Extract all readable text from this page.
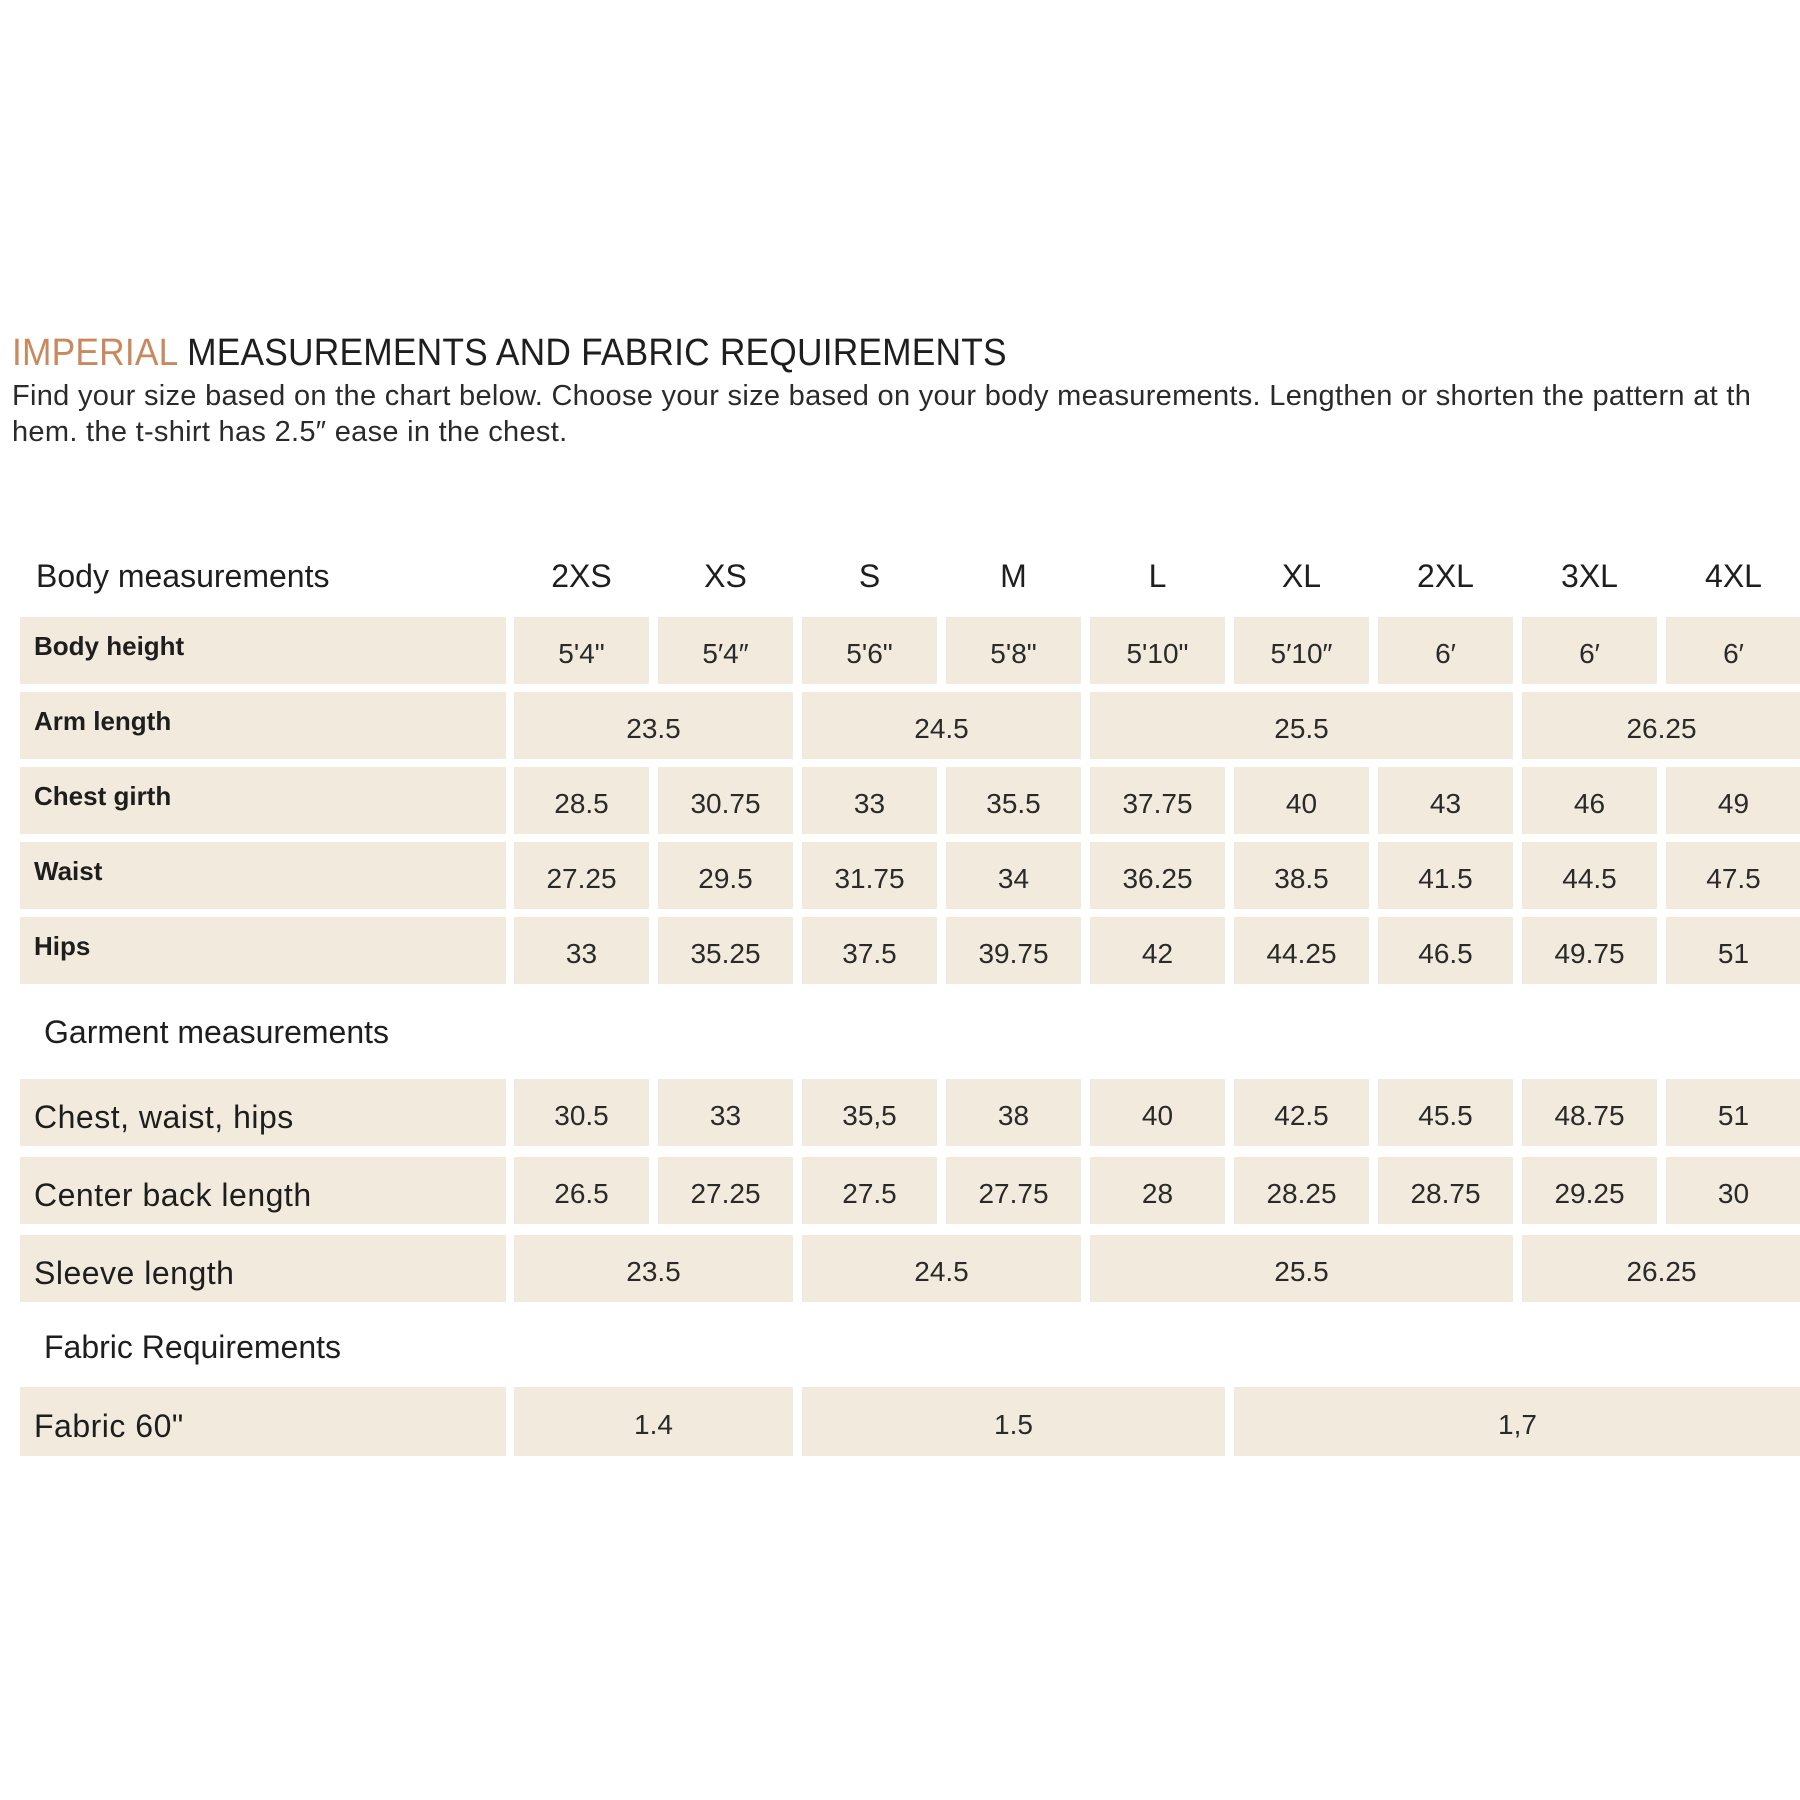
IMPERIAL MEASUREMENTS AND FABRIC REQUIREMENTS
Find your size based on the chart below. Choose your size based on your body measurements. Lengthen or shorten the pattern at th
hem. the t-shirt has 2.5″ ease in the chest.
Body measurements	2XS	XS	S	M	L	XL	2XL	3XL	4XL
Body height	5'4"	5′4″	5'6"	5'8"	5'10"	5′10″	6′	6′	6′
Arm length	23.5	24.5	25.5	26.25
Chest girth	28.5	30.75	33	35.5	37.75	40	43	46	49
Waist	27.25	29.5	31.75	34	36.25	38.5	41.5	44.5	47.5
Hips	33	35.25	37.5	39.75	42	44.25	46.5	49.75	51
Garment measurements
Chest, waist, hips	30.5	33	35,5	38	40	42.5	45.5	48.75	51
Center back length	26.5	27.25	27.5	27.75	28	28.25	28.75	29.25	30
Sleeve length	23.5	24.5	25.5	26.25
Fabric Requirements
Fabric 60"	1.4	1.5	1,7
